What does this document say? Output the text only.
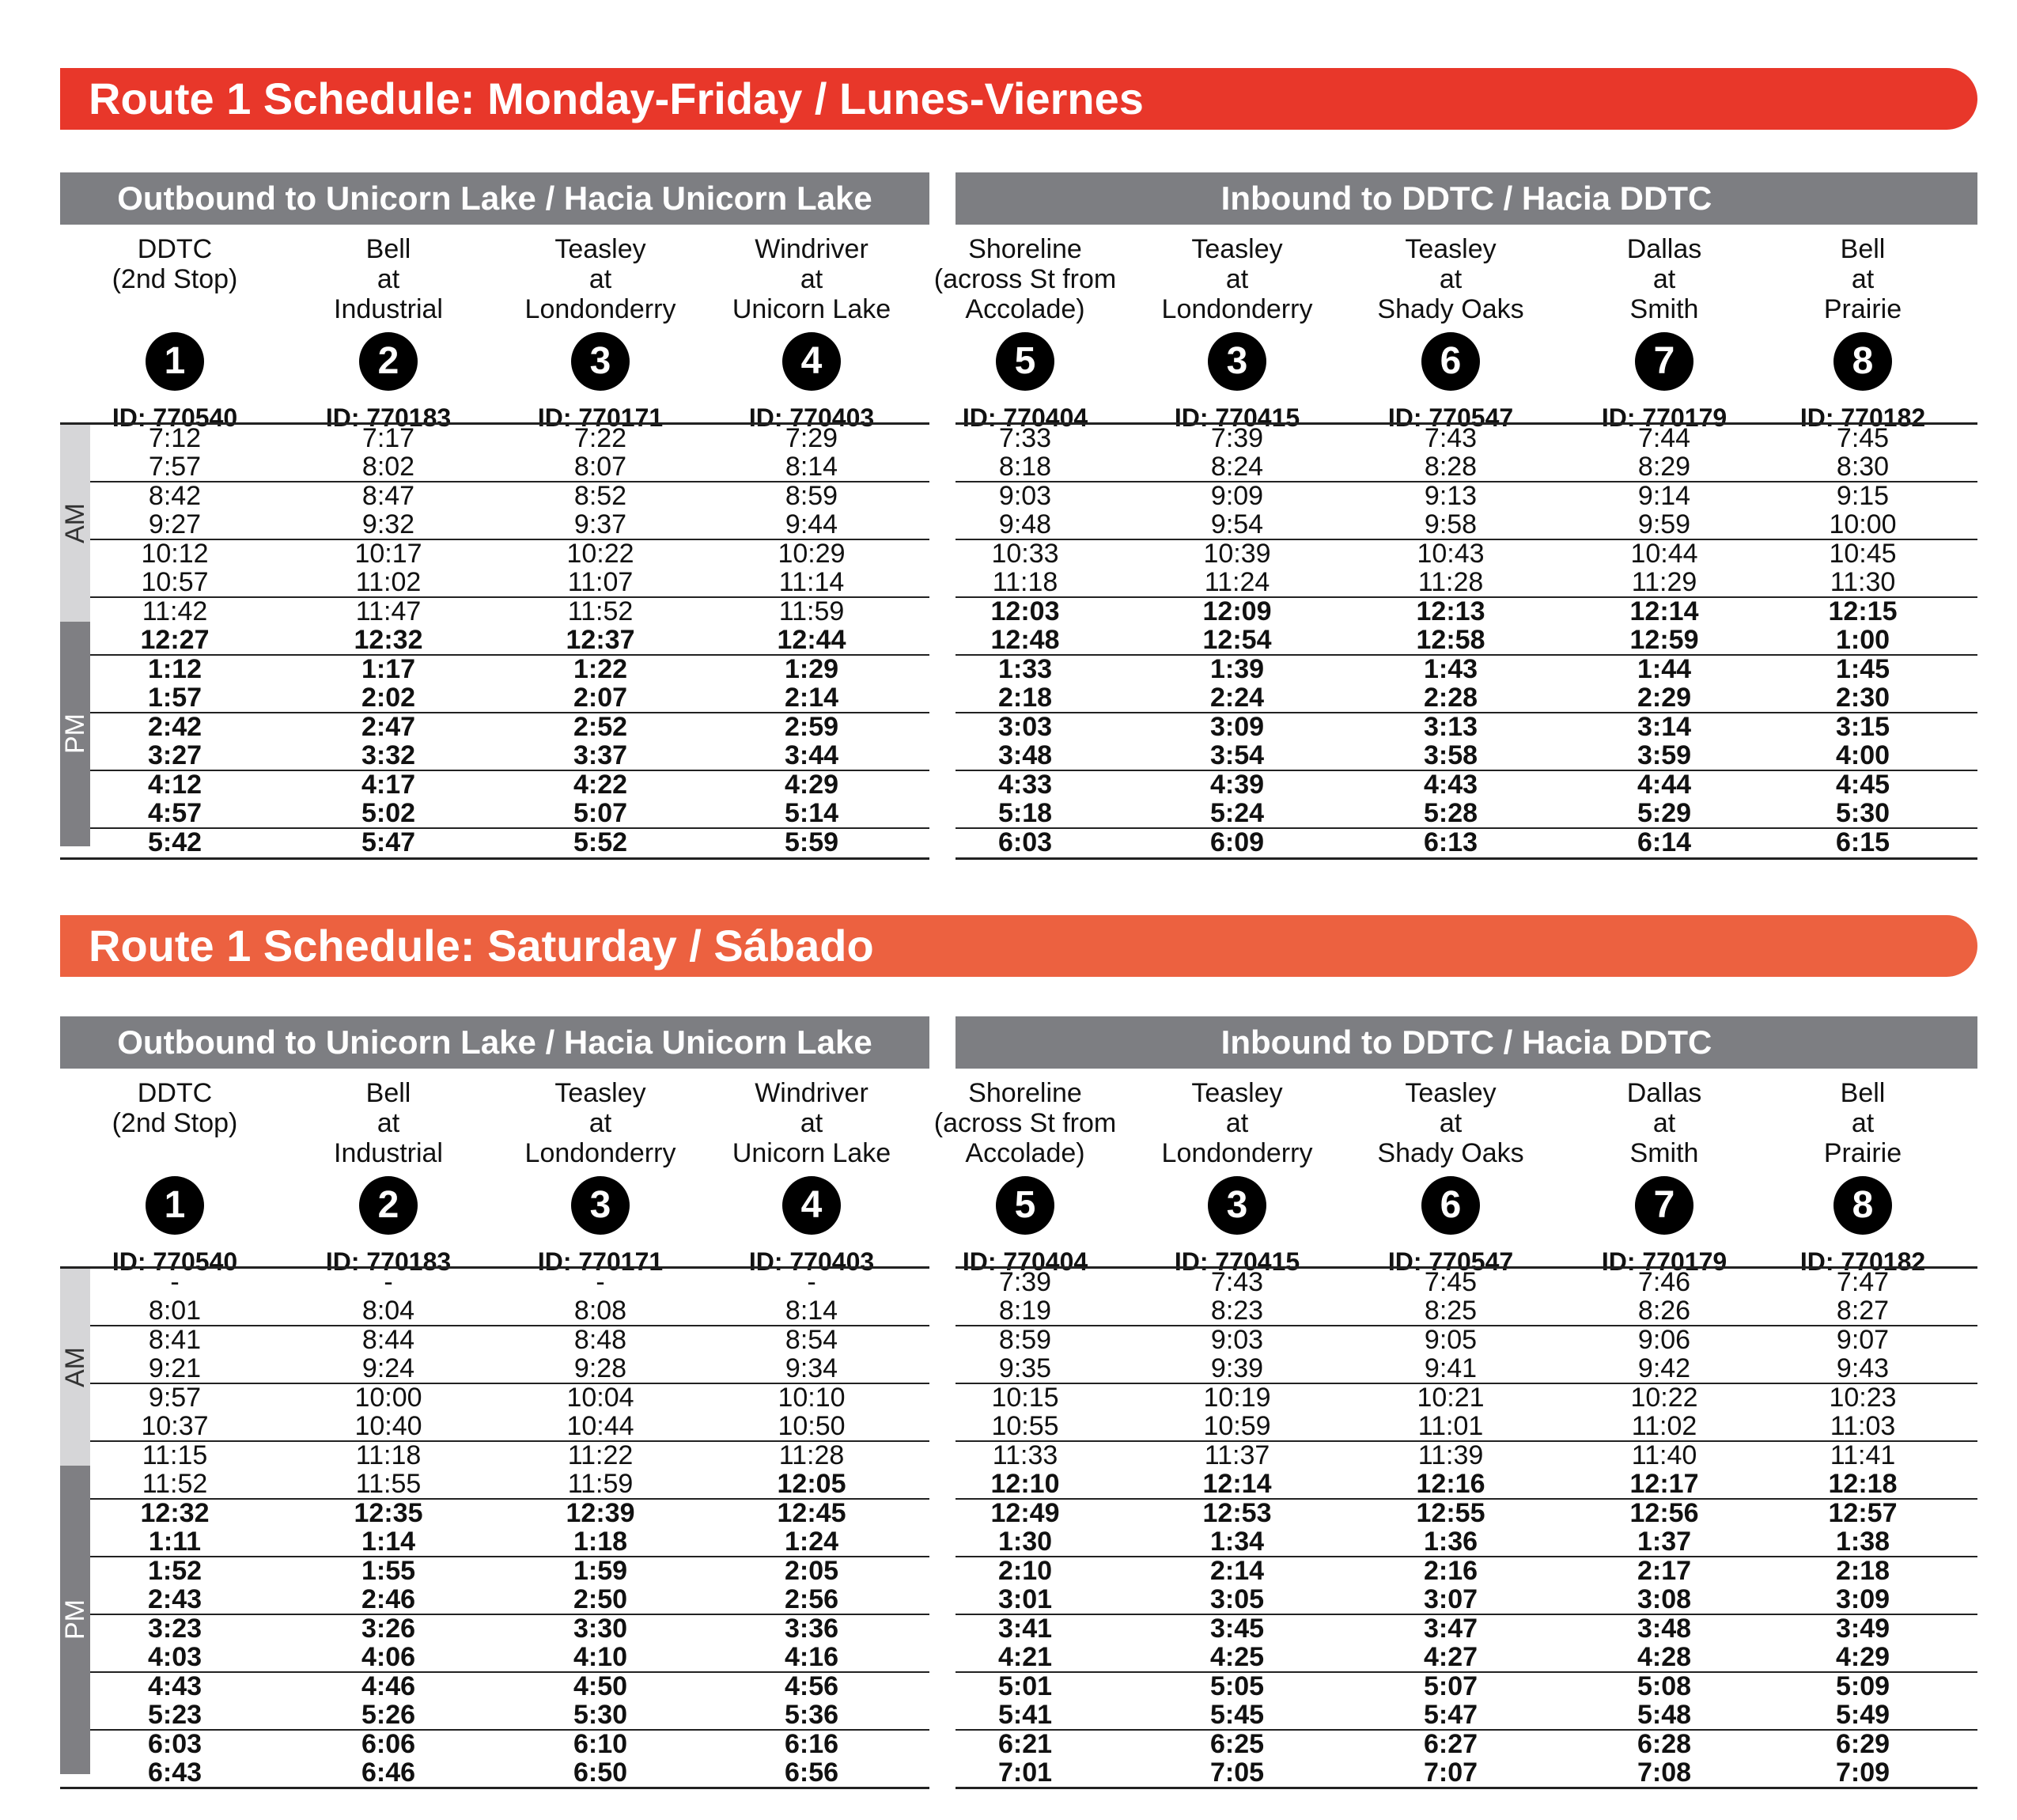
Route 1 Schedule: Monday-Friday / Lunes-Viernes
Outbound to Unicorn Lake / Hacia Unicorn Lake
DDTC
(2nd Stop)
1
ID: 770540
Bell
at
Industrial
2
ID: 770183
Teasley
at
Londonderry
3
ID: 770171
Windriver
at
Unicorn Lake
4
ID: 770403
7:12	7:17	7:22	7:29
7:57	8:02	8:07	8:14
8:42	8:47	8:52	8:59
9:27	9:32	9:37	9:44
10:12	10:17	10:22	10:29
10:57	11:02	11:07	11:14
11:42	11:47	11:52	11:59
12:27	12:32	12:37	12:44
1:12	1:17	1:22	1:29
1:57	2:02	2:07	2:14
2:42	2:47	2:52	2:59
3:27	3:32	3:37	3:44
4:12	4:17	4:22	4:29
4:57	5:02	5:07	5:14
5:42	5:47	5:52	5:59
AM
PM
Inbound to DDTC / Hacia DDTC
Shoreline
(across St from
Accolade)
5
ID: 770404
Teasley
at
Londonderry
3
ID: 770415
Teasley
at
Shady Oaks
6
ID: 770547
Dallas
at
Smith
7
ID: 770179
Bell
at
Prairie
8
ID: 770182
7:33	7:39	7:43	7:44	7:45
8:18	8:24	8:28	8:29	8:30
9:03	9:09	9:13	9:14	9:15
9:48	9:54	9:58	9:59	10:00
10:33	10:39	10:43	10:44	10:45
11:18	11:24	11:28	11:29	11:30
12:03	12:09	12:13	12:14	12:15
12:48	12:54	12:58	12:59	1:00
1:33	1:39	1:43	1:44	1:45
2:18	2:24	2:28	2:29	2:30
3:03	3:09	3:13	3:14	3:15
3:48	3:54	3:58	3:59	4:00
4:33	4:39	4:43	4:44	4:45
5:18	5:24	5:28	5:29	5:30
6:03	6:09	6:13	6:14	6:15
Route 1 Schedule: Saturday / Sábado
Outbound to Unicorn Lake / Hacia Unicorn Lake
DDTC
(2nd Stop)
1
ID: 770540
Bell
at
Industrial
2
ID: 770183
Teasley
at
Londonderry
3
ID: 770171
Windriver
at
Unicorn Lake
4
ID: 770403
-	-	-	-
8:01	8:04	8:08	8:14
8:41	8:44	8:48	8:54
9:21	9:24	9:28	9:34
9:57	10:00	10:04	10:10
10:37	10:40	10:44	10:50
11:15	11:18	11:22	11:28
11:52	11:55	11:59	12:05
12:32	12:35	12:39	12:45
1:11	1:14	1:18	1:24
1:52	1:55	1:59	2:05
2:43	2:46	2:50	2:56
3:23	3:26	3:30	3:36
4:03	4:06	4:10	4:16
4:43	4:46	4:50	4:56
5:23	5:26	5:30	5:36
6:03	6:06	6:10	6:16
6:43	6:46	6:50	6:56
AM
PM
Inbound to DDTC / Hacia DDTC
Shoreline
(across St from
Accolade)
5
ID: 770404
Teasley
at
Londonderry
3
ID: 770415
Teasley
at
Shady Oaks
6
ID: 770547
Dallas
at
Smith
7
ID: 770179
Bell
at
Prairie
8
ID: 770182
7:39	7:43	7:45	7:46	7:47
8:19	8:23	8:25	8:26	8:27
8:59	9:03	9:05	9:06	9:07
9:35	9:39	9:41	9:42	9:43
10:15	10:19	10:21	10:22	10:23
10:55	10:59	11:01	11:02	11:03
11:33	11:37	11:39	11:40	11:41
12:10	12:14	12:16	12:17	12:18
12:49	12:53	12:55	12:56	12:57
1:30	1:34	1:36	1:37	1:38
2:10	2:14	2:16	2:17	2:18
3:01	3:05	3:07	3:08	3:09
3:41	3:45	3:47	3:48	3:49
4:21	4:25	4:27	4:28	4:29
5:01	5:05	5:07	5:08	5:09
5:41	5:45	5:47	5:48	5:49
6:21	6:25	6:27	6:28	6:29
7:01	7:05	7:07	7:08	7:09
